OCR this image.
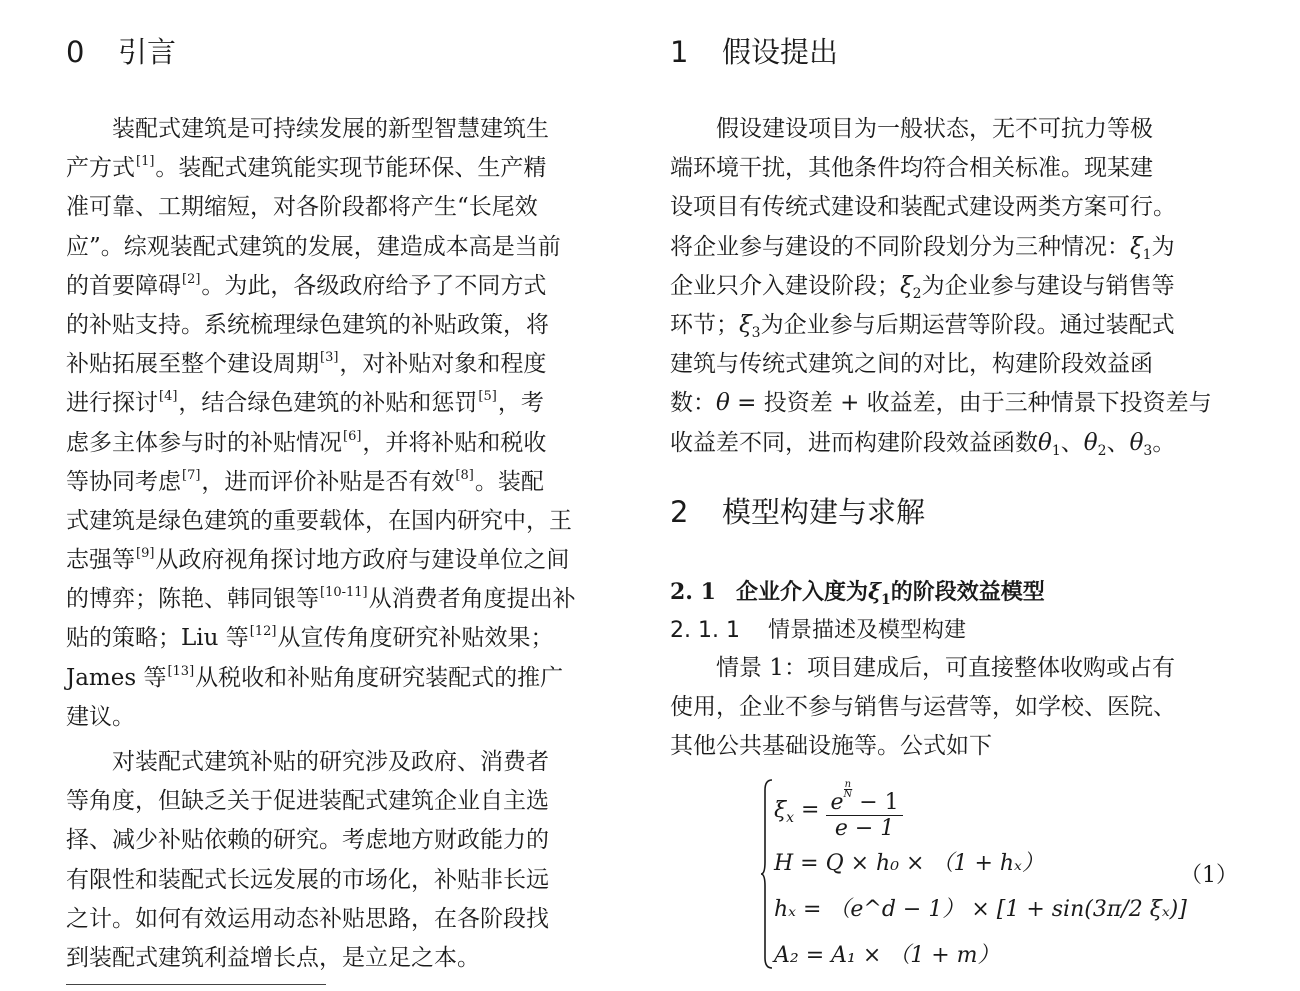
0 引言
　　装配式建筑是可持续发展的新型智慧建筑生
产方式[1]。装配式建筑能实现节能环保、生产精
准可靠、工期缩短，对各阶段都将产生“长尾效
应”。综观装配式建筑的发展，建造成本高是当前
的首要障碍[2]。为此，各级政府给予了不同方式
的补贴支持。系统梳理绿色建筑的补贴政策，将
补贴拓展至整个建设周期[3]，对补贴对象和程度
进行探讨[4]，结合绿色建筑的补贴和惩罚[5]，考
虑多主体参与时的补贴情况[6]，并将补贴和税收
等协同考虑[7]，进而评价补贴是否有效[8]。装配
式建筑是绿色建筑的重要载体，在国内研究中，王
志强等[9]从政府视角探讨地方政府与建设单位之间
的博弈；陈艳、韩同银等[10-11]从消费者角度提出补
贴的策略；Liu 等[12]从宣传角度研究补贴效果；
James 等[13]从税收和补贴角度研究装配式的推广
建议。
　　对装配式建筑补贴的研究涉及政府、消费者
等角度，但缺乏关于促进装配式建筑企业自主选
择、减少补贴依赖的研究。考虑地方财政能力的
有限性和装配式长远发展的市场化，补贴非长远
之计。如何有效运用动态补贴思路，在各阶段找
到装配式建筑利益增长点，是立足之本。
1 假设提出
　　假设建设项目为一般状态，无不可抗力等极
端环境干扰，其他条件均符合相关标准。现某建
设项目有传统式建设和装配式建设两类方案可行。
将企业参与建设的不同阶段划分为三种情况：$\xi_1$为
企业只介入建设阶段；$\xi_2$为企业参与建设与销售等
环节；$\xi_3$为企业参与后期运营等阶段。通过装配式
建筑与传统式建筑之间的对比，构建阶段效益函
数：θ = 投资差 + 收益差，由于三种情景下投资差与
收益差不同，进而构建阶段效益函数$\theta_1$、$\theta_2$、$\theta_3$。
2 模型构建与求解
2. 1 企业介入度为$\xi_1$的阶段效益模型
2. 1. 1 情景描述及模型构建
　　情景 1：项目建成后，可直接整体收购或占有
使用，企业不参与销售与运营等，如学校、医院、
其他公共基础设施等。公式如下
$\xi_x = e$
$\frac{n}{N}$
− 1
e − 1
H = Q × h₀ × （1 + hₓ）
hₓ = （e^d − 1） × [1 + sin(3π/2 ξₓ)]
A₂ = A₁ × （1 + m）
（1）
